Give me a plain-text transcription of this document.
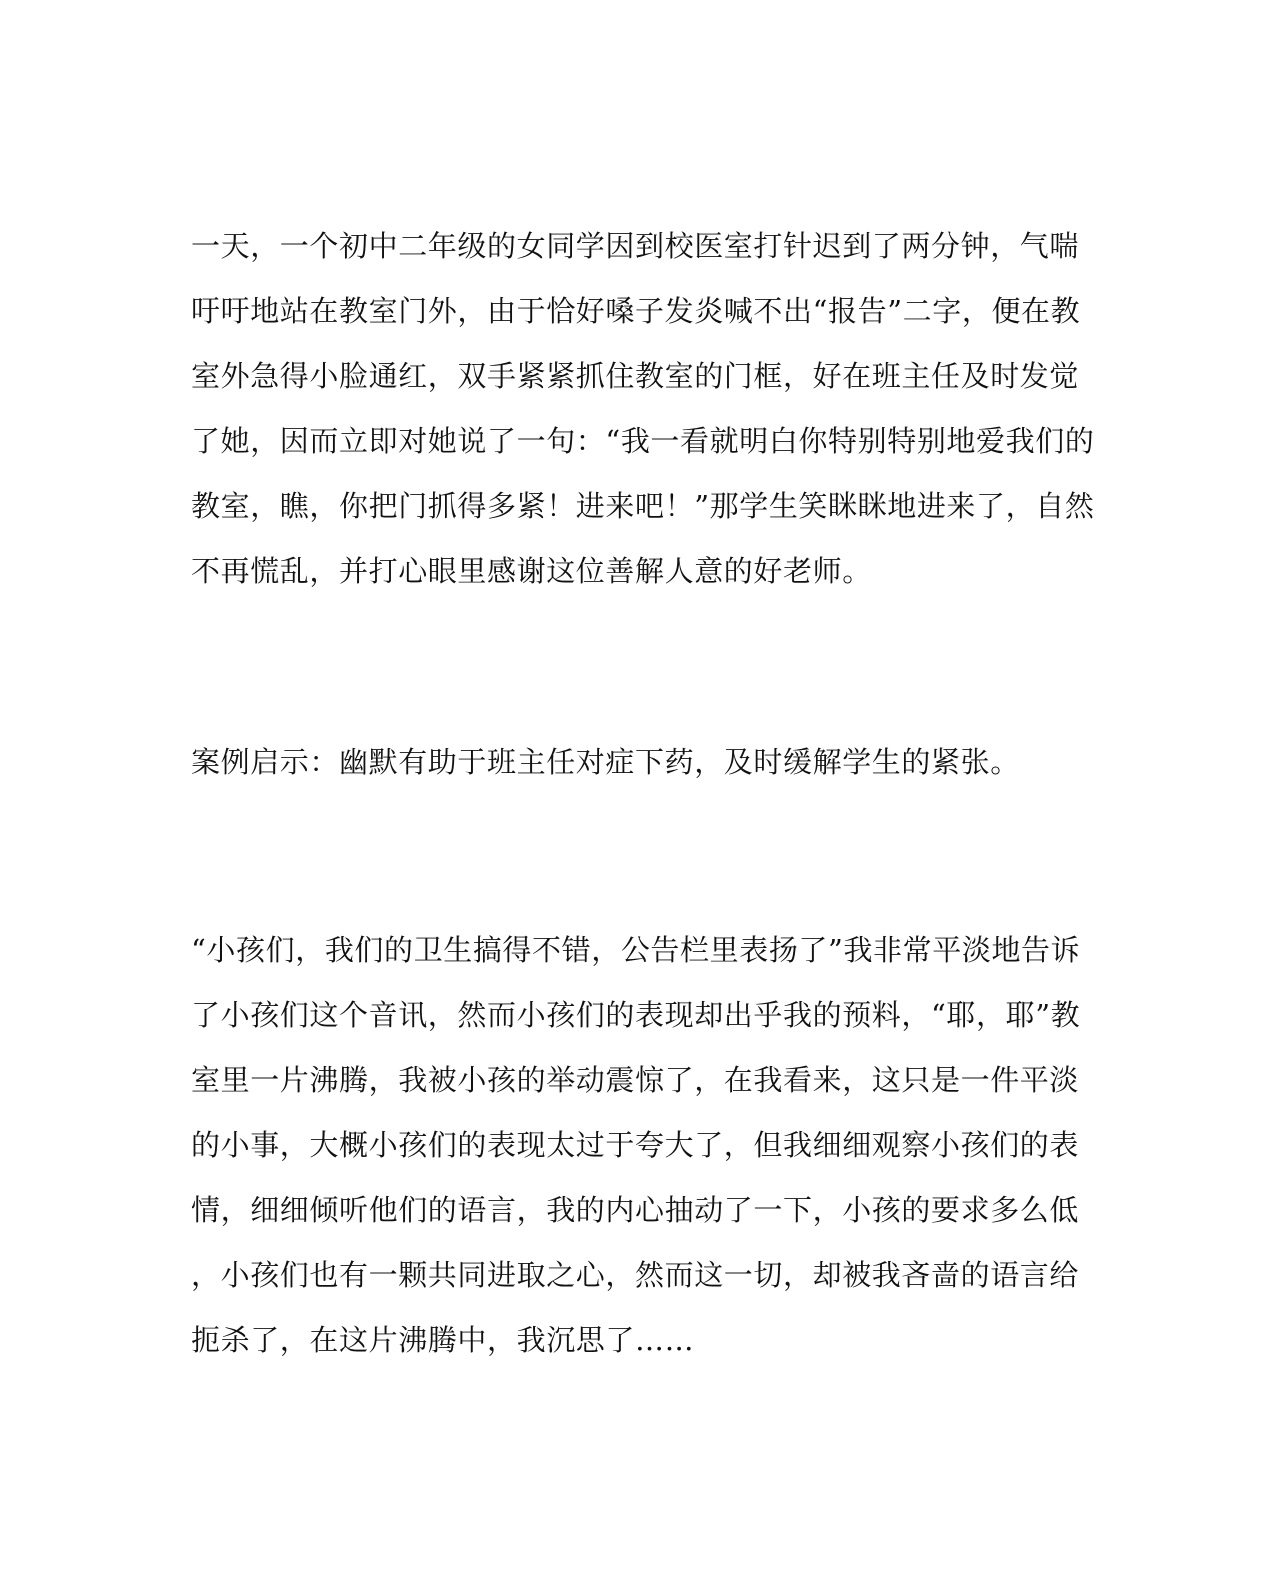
一天，一个初中二年级的女同学因到校医室打针迟到了两分钟，气喘
吁吁地站在教室门外，由于恰好嗓子发炎喊不出“报告”二字，便在教
室外急得小脸通红，双手紧紧抓住教室的门框，好在班主任及时发觉
了她，因而立即对她说了一句：“我一看就明白你特别特别地爱我们的
教室，瞧，你把门抓得多紧！进来吧！”那学生笑眯眯地进来了，自然
不再慌乱，并打心眼里感谢这位善解人意的好老师。
案例启示：幽默有助于班主任对症下药，及时缓解学生的紧张。
“小孩们，我们的卫生搞得不错，公告栏里表扬了”我非常平淡地告诉
了小孩们这个音讯，然而小孩们的表现却出乎我的预料，“耶，耶”教
室里一片沸腾，我被小孩的举动震惊了，在我看来，这只是一件平淡
的小事，大概小孩们的表现太过于夸大了，但我细细观察小孩们的表
情，细细倾听他们的语言，我的内心抽动了一下，小孩的要求多么低
，小孩们也有一颗共同进取之心，然而这一切，却被我吝啬的语言给
扼杀了，在这片沸腾中，我沉思了……
